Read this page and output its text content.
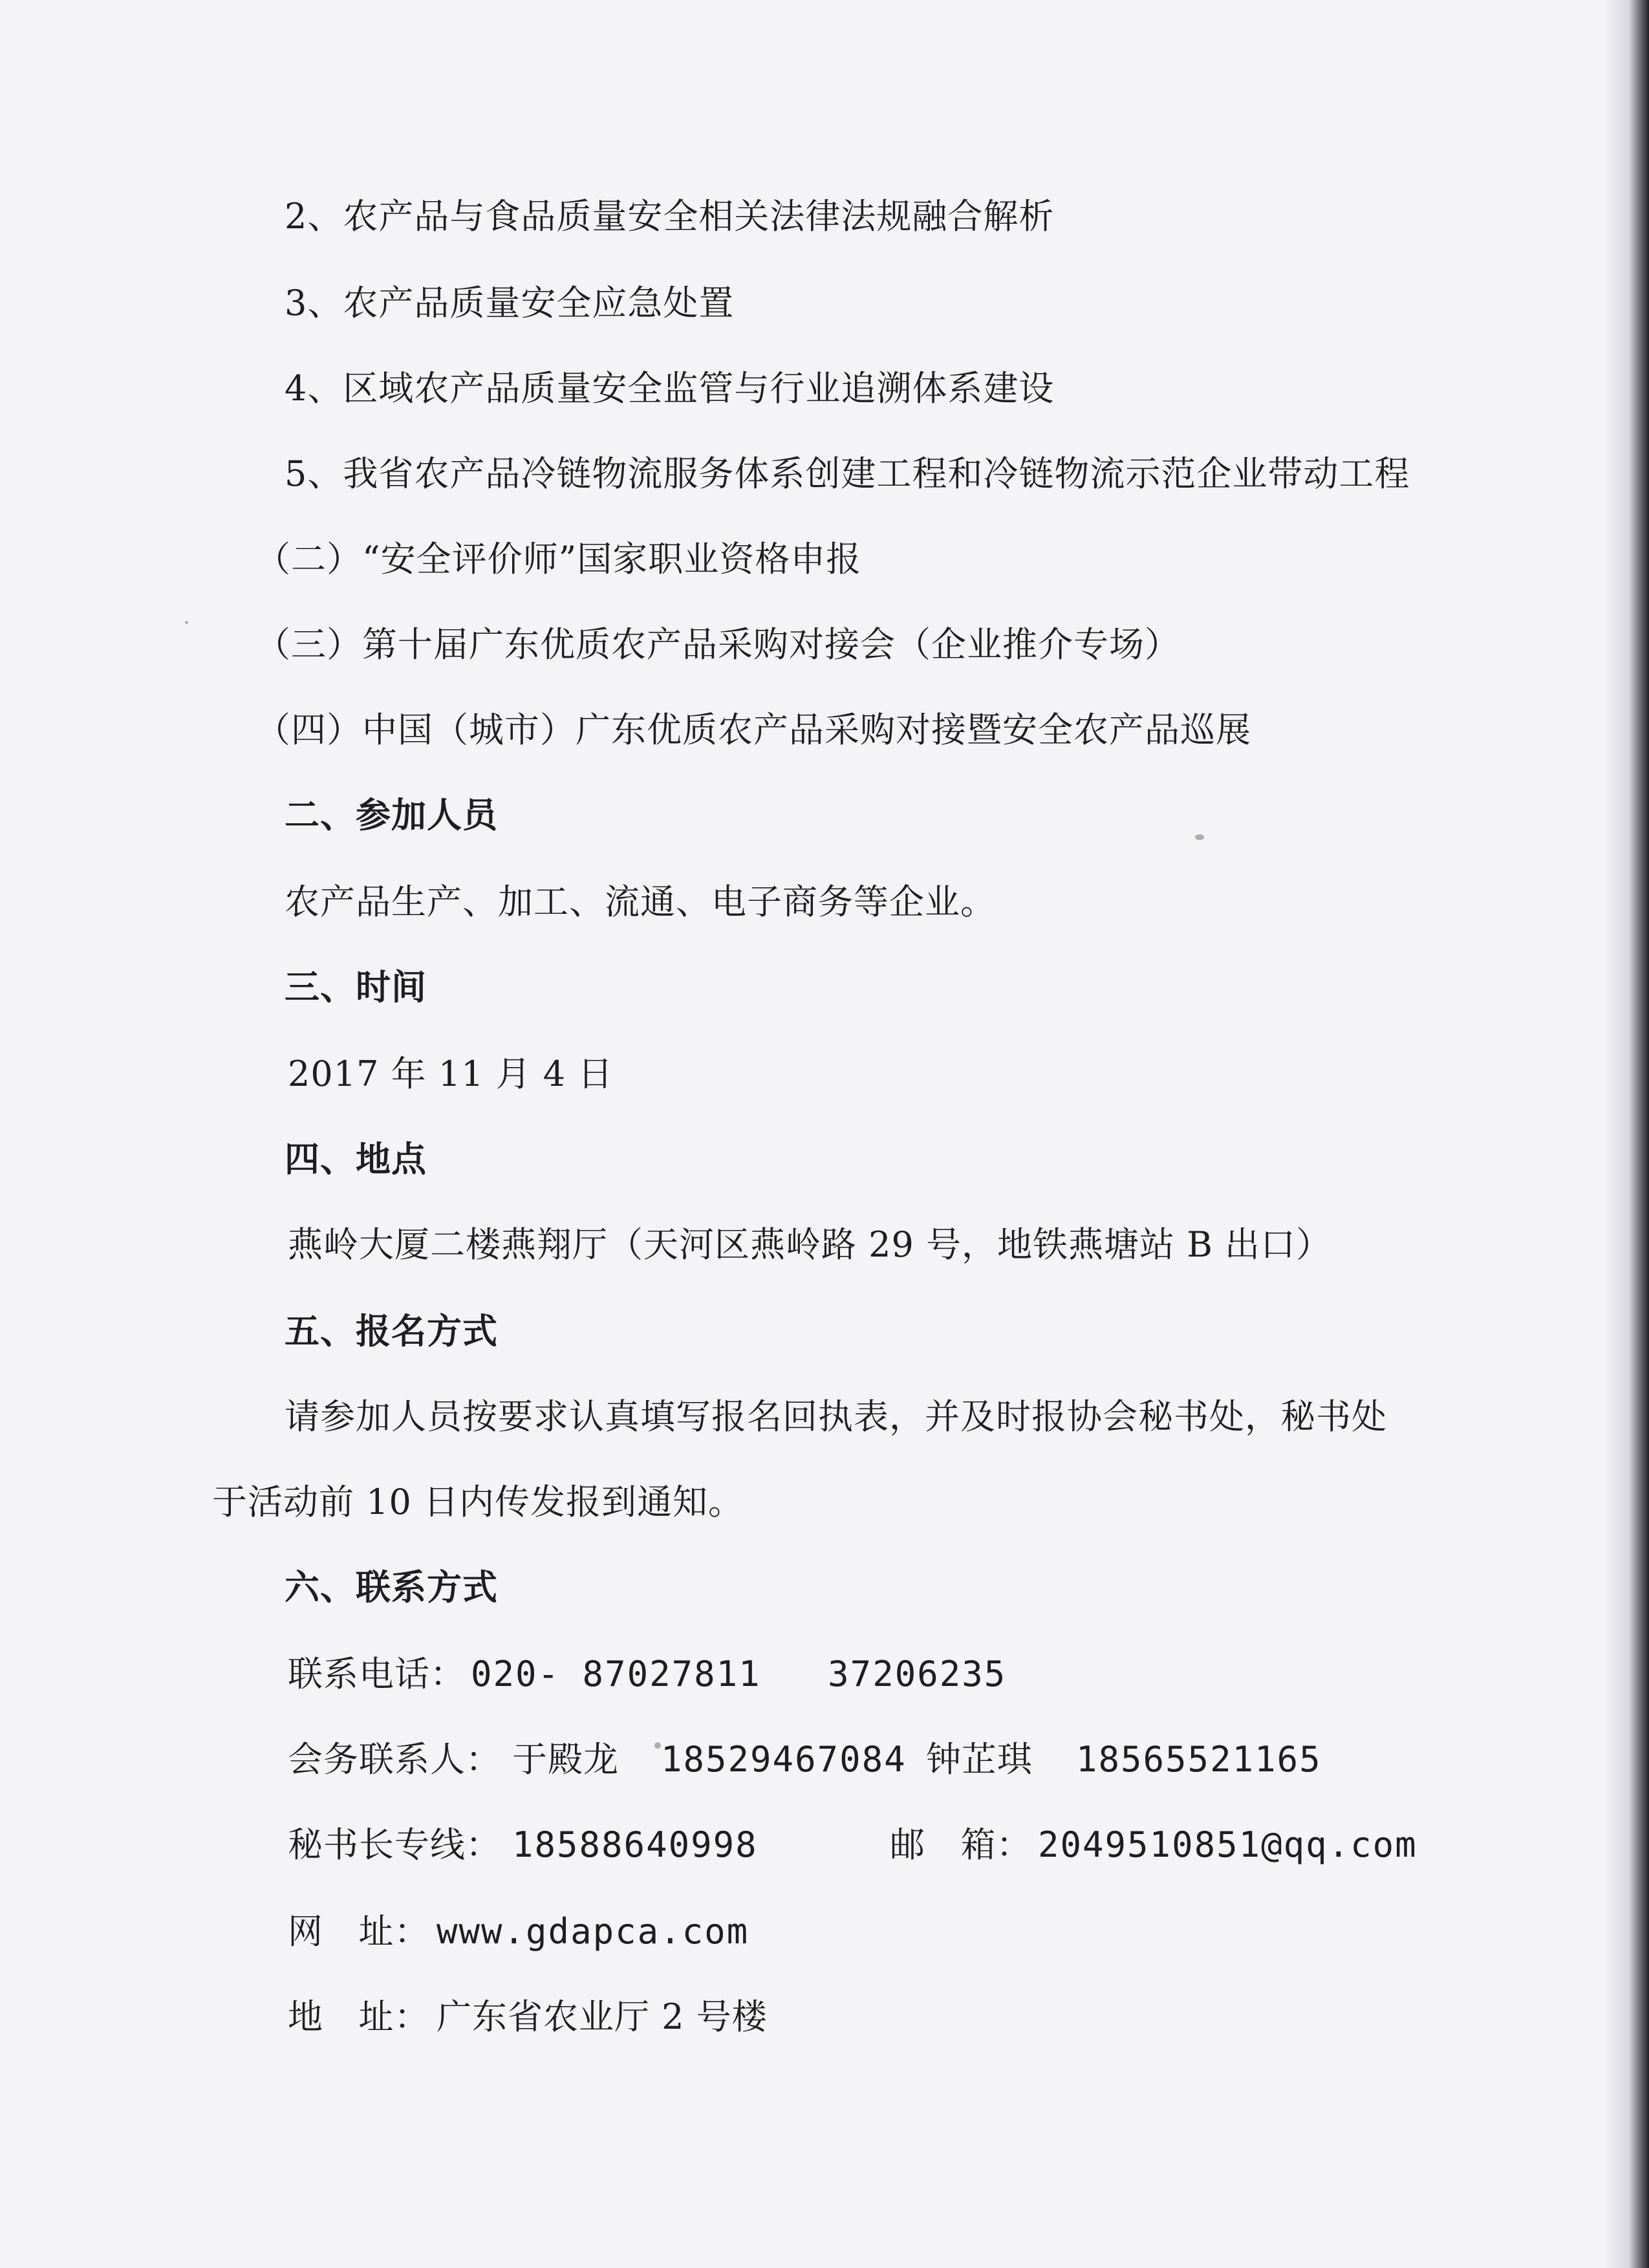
2、农产品与食品质量安全相关法律法规融合解析
3、农产品质量安全应急处置
4、区域农产品质量安全监管与行业追溯体系建设
5、我省农产品冷链物流服务体系创建工程和冷链物流示范企业带动工程
（二）“安全评价师”国家职业资格申报
（三）第十届广东优质农产品采购对接会（企业推介专场）
（四）中国（城市）广东优质农产品采购对接暨安全农产品巡展
二、参加人员
农产品生产、加工、流通、电子商务等企业。
三、时间
2017 年 11 月 4 日
四、地点
燕岭大厦二楼燕翔厅（天河区燕岭路 29 号，地铁燕塘站 B 出口）
五、报名方式
请参加人员按要求认真填写报名回执表，并及时报协会秘书处，秘书处
于活动前 10 日内传发报到通知。
六、联系方式
联系电话： 020- 87027811   37206235
会务联系人： 于殿龙 18529467084 钟芷琪 18565521165
秘书长专线： 18588640998	邮   箱： 2049510851@qq.com
网   址： www.gdapca.com
地   址： 广东省农业厅 2 号楼
